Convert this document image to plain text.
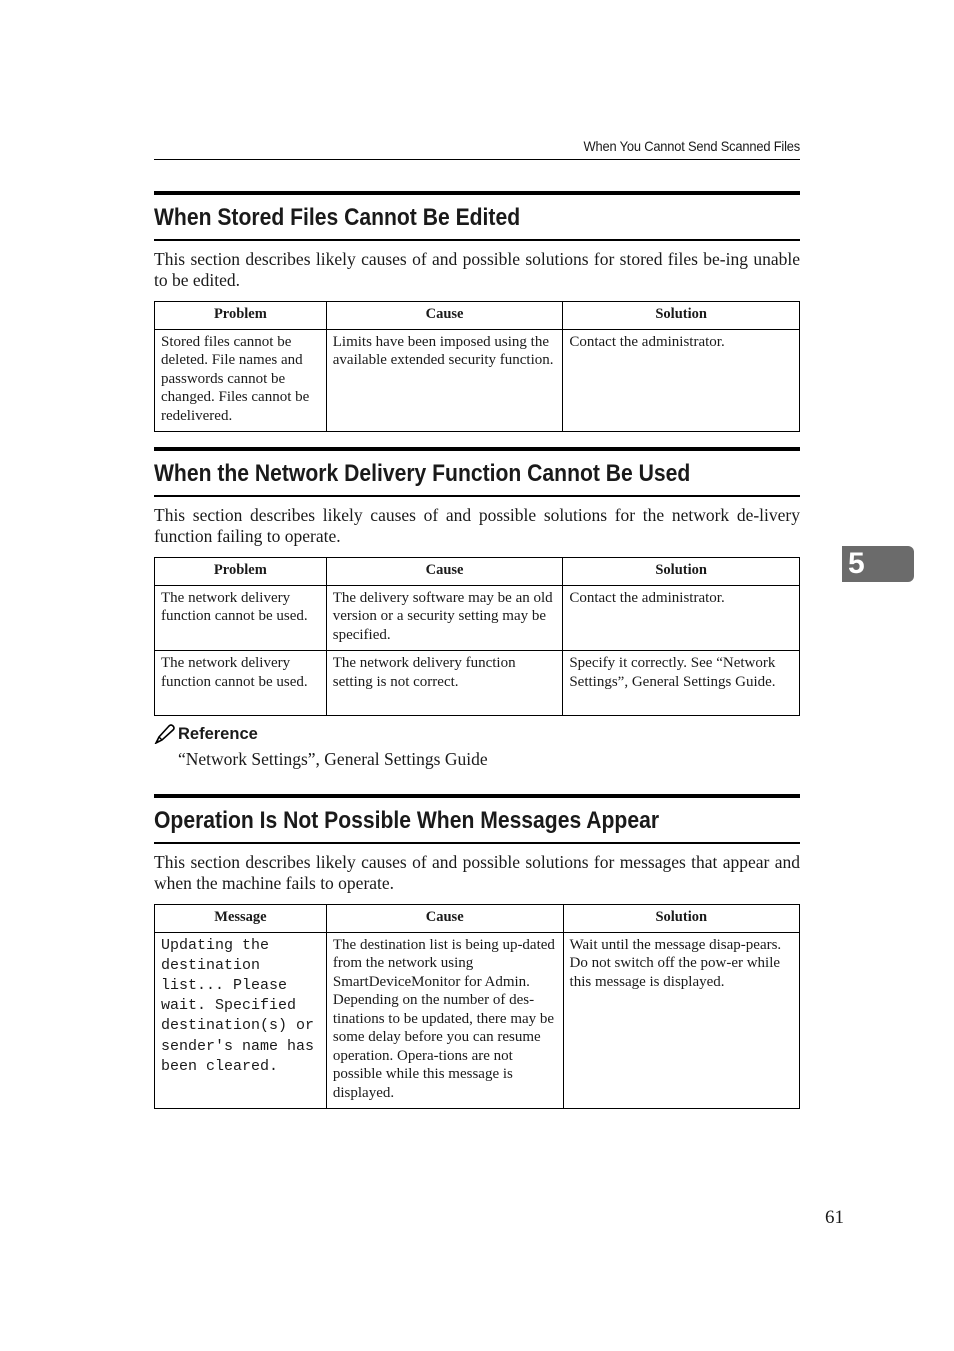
When You Cannot Send Scanned Files
When Stored Files Cannot Be Edited

This section describes likely causes of and possible solutions for stored files be-ing unable to be edited.

Problem	Cause	Solution
Stored files cannot be deleted. File names and passwords cannot be changed. Files cannot be redelivered.	Limits have been imposed using the available extended security function.	Contact the administrator.
When the Network Delivery Function Cannot Be Used

This section describes likely causes of and possible solutions for the network de-livery function failing to operate.

Problem	Cause	Solution
The network delivery function cannot be used.	The delivery software may be an old version or a security setting may be specified.	Contact the administrator.
The network delivery function cannot be used.	The network delivery function setting is not correct.	Specify it correctly. See “Network Settings”, General Settings Guide.
Reference
“Network Settings”, General Settings Guide
Operation Is Not Possible When Messages Appear

This section describes likely causes of and possible solutions for messages that appear and when the machine fails to operate.

Message	Cause	Solution
Updating the destination list... Please wait. Specified destination(s) or sender's name has been cleared.	The destination list is being up-dated from the network using SmartDeviceMonitor for Admin. Depending on the number of des-tinations to be updated, there may be some delay before you can resume operation. Opera-tions are not possible while this message is displayed.	Wait until the message disap-pears. Do not switch off the pow-er while this message is displayed.
5
61
